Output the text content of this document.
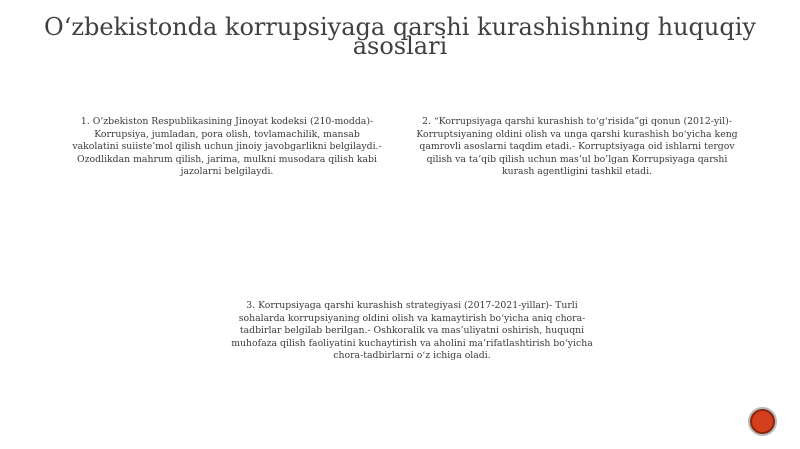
O‘zbekistonda korrupsiyaga qarshi kurashishning huquqiy asoslari

1. O’zbekiston Respublikasining Jinoyat kodeksi (210-modda)- Korrupsiya, jumladan, pora olish, tovlamachilik, mansab vakolatini suiiste’mol qilish uchun jinoiy javobgarlikni belgilaydi.- Ozodlikdan mahrum qilish, jarima, mulkni musodara qilish kabi jazolarni belgilaydi.

2. “Korrupsiyaga qarshi kurashish to‘g‘risida”gi qonun (2012-yil)- Korruptsiyaning oldini olish va unga qarshi kurashish bo‘yicha keng qamrovli asoslarni taqdim etadi.- Korruptsiyaga oid ishlarni tergov qilish va ta’qib qilish uchun mas’ul bo’lgan Korrupsiyaga qarshi kurash agentligini tashkil etadi.

3. Korrupsiyaga qarshi kurashish strategiyasi (2017-2021-yillar)- Turli sohalarda korrupsiyaning oldini olish va kamaytirish bo‘yicha aniq chora-tadbirlar belgilab berilgan.- Oshkoralik va mas’uliyatni oshirish, huquqni muhofaza qilish faoliyatini kuchaytirish va aholini ma’rifatlashtirish bo‘yicha chora-tadbirlarni o‘z ichiga oladi.
